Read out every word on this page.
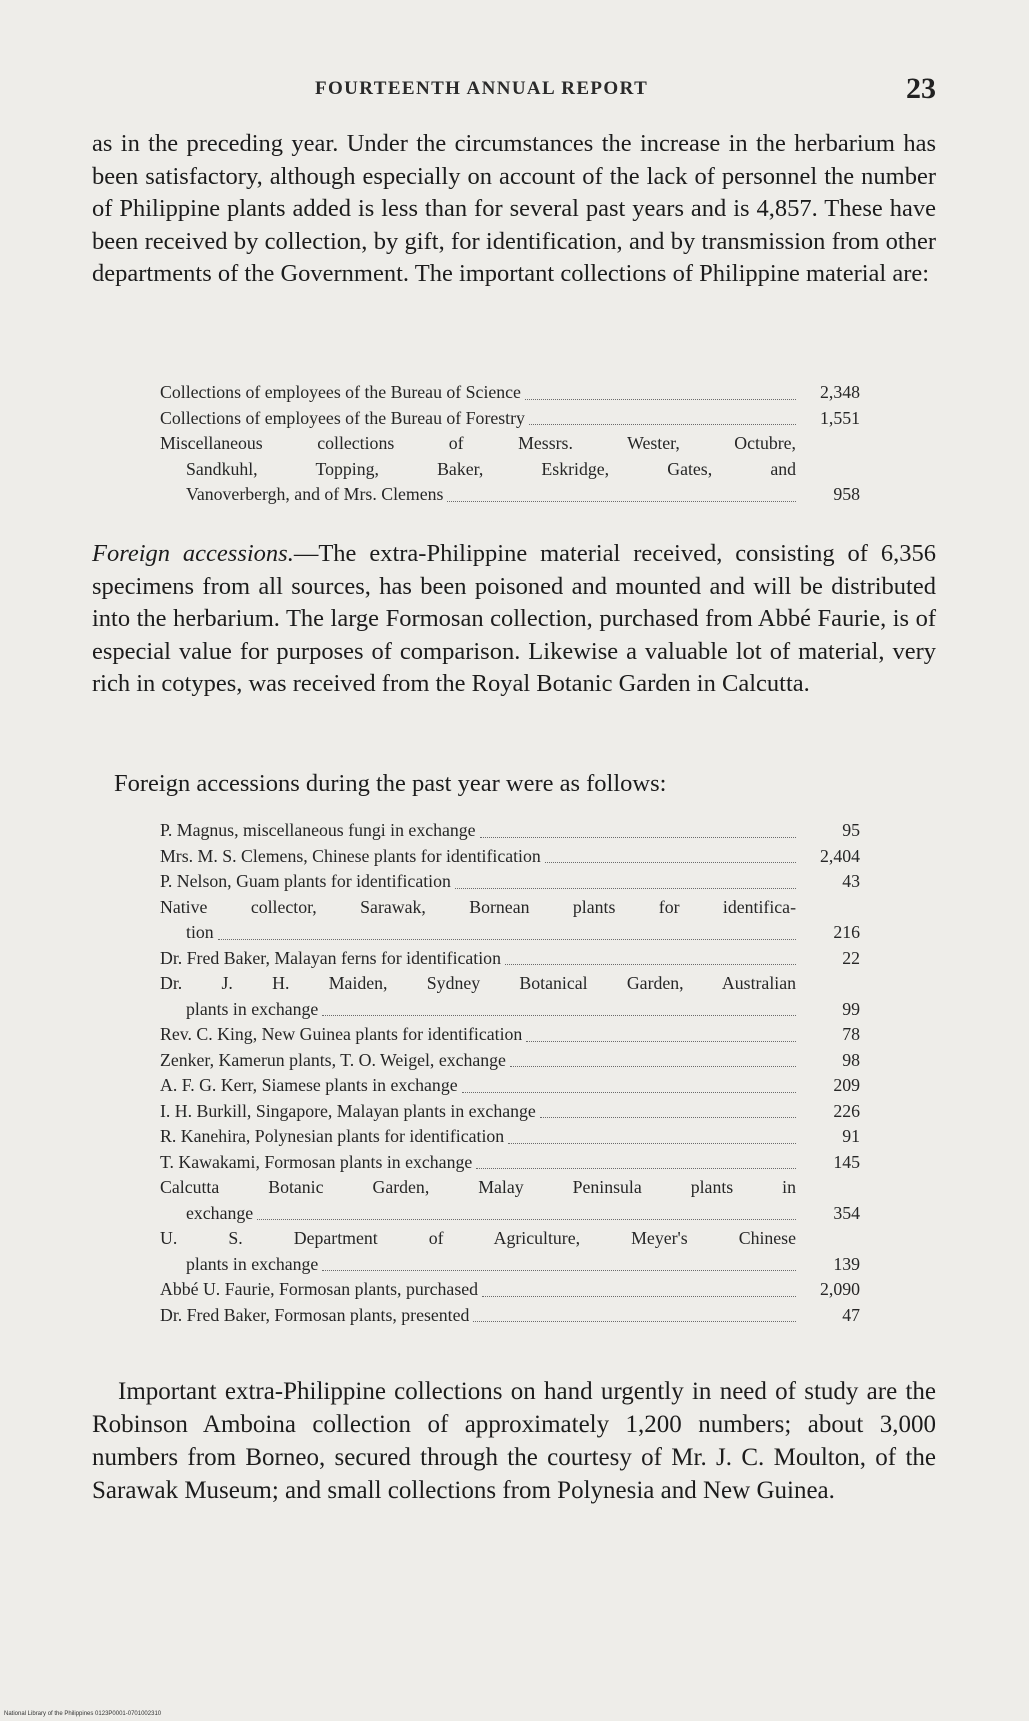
FOURTEENTH ANNUAL REPORT	23
as in the preceding year. Under the circumstances the increase in the herbarium has been satisfactory, although especially on account of the lack of personnel the number of Philippine plants added is less than for several past years and is 4,857. These have been received by collection, by gift, for identification, and by transmission from other departments of the Government. The important collections of Philippine material are:
Collections of employees of the Bureau of Science	2,348
Collections of employees of the Bureau of Forestry	1,551
Miscellaneous collections of Messrs. Wester, Octubre,
Sandkuhl, Topping, Baker, Eskridge, Gates, and
Vanoverbergh, and of Mrs. Clemens	958
Foreign accessions.—The extra-Philippine material received, consisting of 6,356 specimens from all sources, has been poisoned and mounted and will be distributed into the herbarium. The large Formosan collection, purchased from Abbé Faurie, is of especial value for purposes of comparison. Likewise a valuable lot of material, very rich in cotypes, was received from the Royal Botanic Garden in Calcutta.
Foreign accessions during the past year were as follows:
P. Magnus, miscellaneous fungi in exchange	95
Mrs. M. S. Clemens, Chinese plants for identification	2,404
P. Nelson, Guam plants for identification	43
Native collector, Sarawak, Bornean plants for identifica-
tion	216
Dr. Fred Baker, Malayan ferns for identification	22
Dr. J. H. Maiden, Sydney Botanical Garden, Australian
plants in exchange	99
Rev. C. King, New Guinea plants for identification	78
Zenker, Kamerun plants, T. O. Weigel, exchange	98
A. F. G. Kerr, Siamese plants in exchange	209
I. H. Burkill, Singapore, Malayan plants in exchange	226
R. Kanehira, Polynesian plants for identification	91
T. Kawakami, Formosan plants in exchange	145
Calcutta Botanic Garden, Malay Peninsula plants in
exchange	354
U. S. Department of Agriculture, Meyer's Chinese
plants in exchange	139
Abbé U. Faurie, Formosan plants, purchased	2,090
Dr. Fred Baker, Formosan plants, presented	47
Important extra-Philippine collections on hand urgently in need of study are the Robinson Amboina collection of approximately 1,200 numbers; about 3,000 numbers from Borneo, secured through the courtesy of Mr. J. C. Moulton, of the Sarawak Museum; and small collections from Polynesia and New Guinea.
National Library of the Philippines 0123P0001-0701002310
